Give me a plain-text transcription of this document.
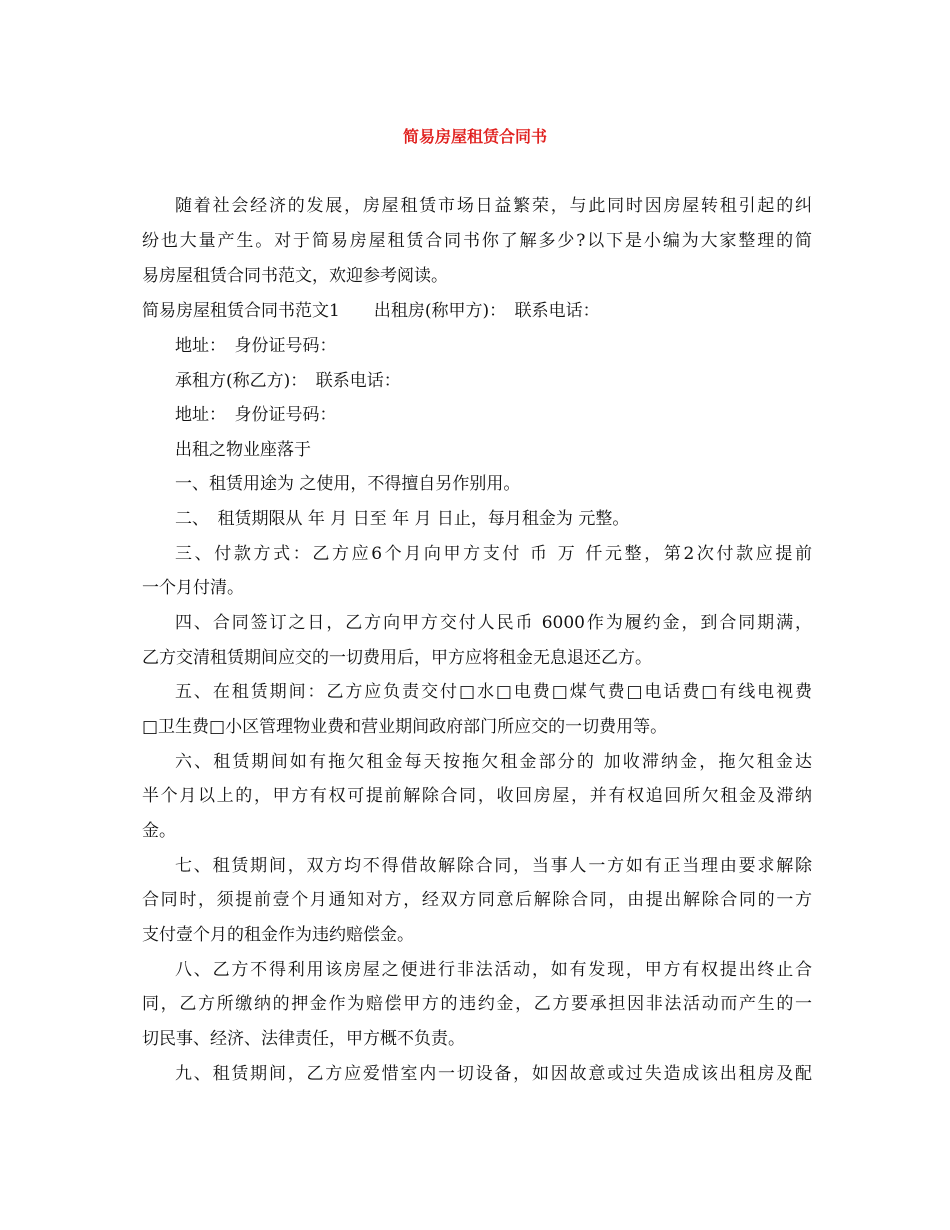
简易房屋租赁合同书
随着社会经济的发展，房屋租赁市场日益繁荣，与此同时因房屋转租引起的纠
纷也大量产生。对于简易房屋租赁合同书你了解多少?以下是小编为大家整理的简
易房屋租赁合同书范文，欢迎参考阅读。
简易房屋租赁合同书范文1　　出租房(称甲方)：　联系电话：
地址：　身份证号码：
承租方(称乙方)：　联系电话：
地址：　身份证号码：
出租之物业座落于
一、租赁用途为 之使用，不得擅自另作别用。
二、　租赁期限从 年 月 日至 年 月 日止，每月租金为 元整。
三、付款方式：乙方应6个月向甲方支付 币 万 仟元整，第2次付款应提前
一个月付清。
四、合同签订之日，乙方向甲方交付人民币 6000作为履约金，到合同期满，
乙方交清租赁期间应交的一切费用后，甲方应将租金无息退还乙方。
五、在租赁期间：乙方应负责交付□水□电费□煤气费□电话费□有线电视费
□卫生费□小区管理物业费和营业期间政府部门所应交的一切费用等。
六、租赁期间如有拖欠租金每天按拖欠租金部分的 加收滞纳金，拖欠租金达
半个月以上的，甲方有权可提前解除合同，收回房屋，并有权追回所欠租金及滞纳
金。
七、租赁期间，双方均不得借故解除合同，当事人一方如有正当理由要求解除
合同时，须提前壹个月通知对方，经双方同意后解除合同，由提出解除合同的一方
支付壹个月的租金作为违约赔偿金。
八、乙方不得利用该房屋之便进行非法活动，如有发现，甲方有权提出终止合
同，乙方所缴纳的押金作为赔偿甲方的违约金，乙方要承担因非法活动而产生的一
切民事、经济、法律责任，甲方概不负责。
九、租赁期间，乙方应爱惜室内一切设备，如因故意或过失造成该出租房及配
